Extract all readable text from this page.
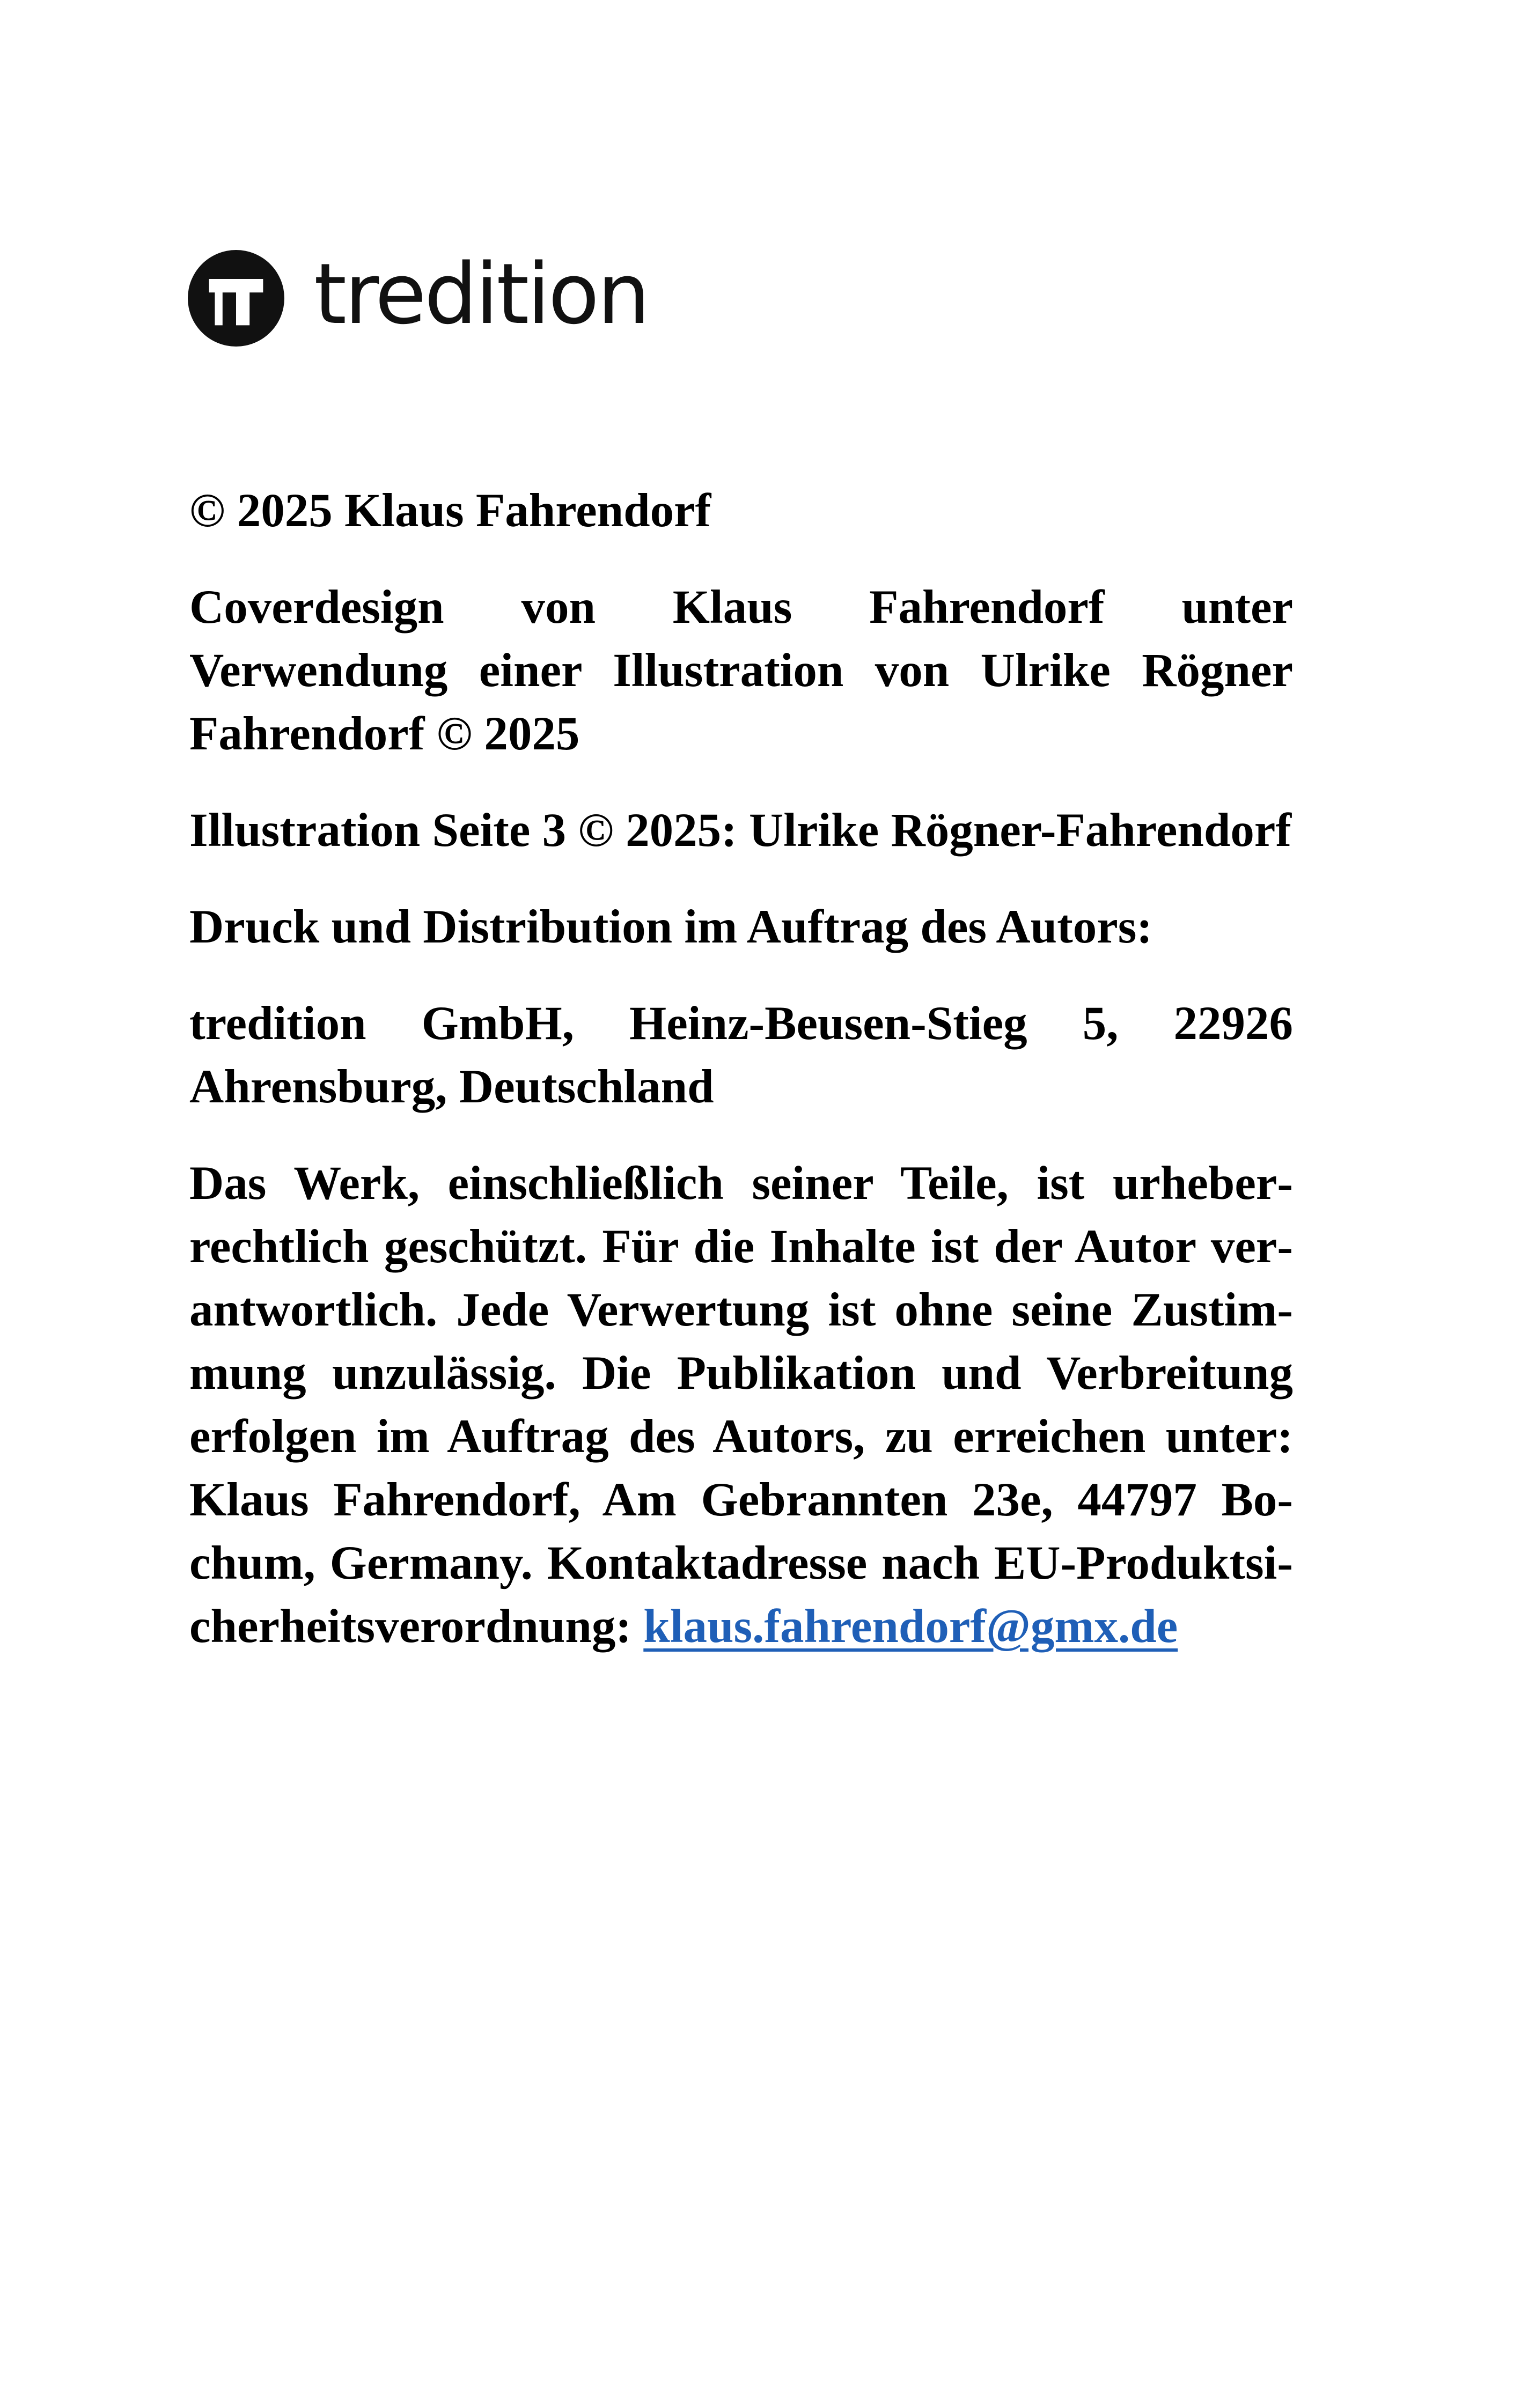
tredition

© 2025 Klaus Fahrendorf

Coverdesign von Klaus Fahrendorf unter Verwendung einer Illustration von Ulrike Rögner Fahrendorf © 2025

Illustration Seite 3 © 2025: Ulrike Rögner-Fahrendorf

Druck und Distribution im Auftrag des Autors:

tredition GmbH, Heinz-Beusen-Stieg 5, 22926 Ahrensburg, Deutschland

Das Werk, einschließlich seiner Teile, ist urheberrechtlich geschützt. Für die Inhalte ist der Autor verantwortlich. Jede Verwertung ist ohne seine Zustimmung unzulässig. Die Publikation und Verbreitung erfolgen im Auftrag des Autors, zu erreichen unter: Klaus Fahrendorf, Am Gebrannten 23e, 44797 Bochum, Germany. Kontaktadresse nach EU-Produktsicherheitsverordnung: klaus.fahrendorf@gmx.de
